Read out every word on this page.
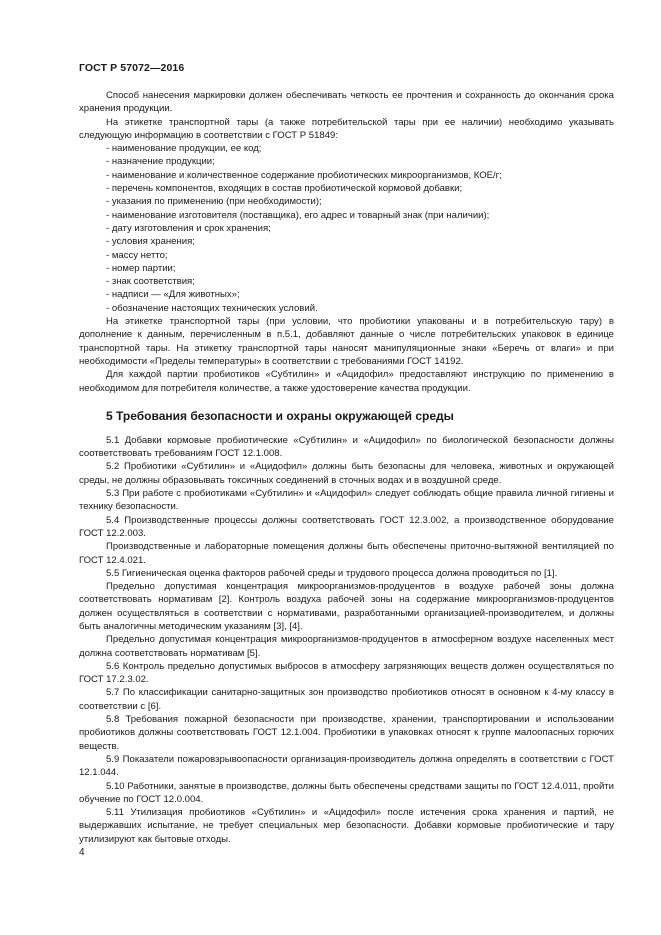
ГОСТ Р 57072—2016

Способ нанесения маркировки должен обеспечивать четкость ее прочтения и сохранность до окончания срока хранения продукции.

На этикетке транспортной тары (а также потребительской тары при ее наличии) необходимо указывать следующую информацию в соответствии с ГОСТ Р 51849:

- наименование продукции, ее код;

- назначение продукции;

- наименование и количественное содержание пробиотических микроорганизмов, КОЕ/г;

- перечень компонентов, входящих в состав пробиотической кормовой добавки;

- указания по применению (при необходимости);

- наименование изготовителя (поставщика), его адрес и товарный знак (при наличии);

- дату изготовления и срок хранения;

- условия хранения;

- массу нетто;

- номер партии;

- знак соответствия;

- надписи — «Для животных»;

- обозначение настоящих технических условий.

На этикетке транспортной тары (при условии, что пробиотики упакованы и в потребительскую тару) в дополнение к данным, перечисленным в п.5.1, добавляют данные о числе потребительских упаковок в единице транспортной тары. На этикетку транспортной тары наносят манипуляционные знаки «Беречь от влаги» и при необходимости «Пределы температуры» в соответствии с требованиями ГОСТ 14192.

Для каждой партии пробиотиков «Субтилин» и «Ацидофил» предоставляют инструкцию по применению в необходимом для потребителя количестве, а также удостоверение качества продукции.

5 Требования безопасности и охраны окружающей среды

5.1 Добавки кормовые пробиотические «Субтилин» и «Ацидофил» по биологической безопасности должны соответствовать требованиям ГОСТ 12.1.008.

5.2 Пробиотики «Субтилин» и «Ацидофил» должны быть безопасны для человека, животных и окружающей среды, не должны образовывать токсичных соединений в сточных водах и в воздушной среде.

5.3 При работе с пробиотиками «Субтилин» и «Ацидофил» следует соблюдать общие правила личной гигиены и технику безопасности.

5.4 Производственные процессы должны соответствовать ГОСТ 12.3.002, а производственное оборудование ГОСТ 12.2.003.

Производственные и лабораторные помещения должны быть обеспечены приточно-вытяжной вентиляцией по ГОСТ 12.4.021.

5.5 Гигиеническая оценка факторов рабочей среды и трудового процесса должна проводиться по [1].

Предельно допустимая концентрация микроорганизмов-продуцентов в воздухе рабочей зоны должна соответствовать нормативам [2]. Контроль воздуха рабочей зоны на содержание микроорганизмов-продуцентов должен осуществляться в соответствии с нормативами, разработанными организацией-производителем, и должны быть аналогичны методическим указаниям [3], [4].

Предельно допустимая концентрация микроорганизмов-продуцентов в атмосферном воздухе населенных мест должна соответствовать нормативам [5].

5.6 Контроль предельно допустимых выбросов в атмосферу загрязняющих веществ должен осуществляться по ГОСТ 17.2.3.02.

5.7 По классификации санитарно-защитных зон производство пробиотиков относят в основном к 4-му классу в соответствии с [6].

5.8 Требования пожарной безопасности при производстве, хранении, транспортировании и использовании пробиотиков должны соответствовать ГОСТ 12.1.004. Пробиотики в упаковках относят к группе малоопасных горючих веществ.

5.9 Показатели пожаровзрывоопасности организация-производитель должна определять в соответствии с ГОСТ 12.1.044.

5.10 Работники, занятые в производстве, должны быть обеспечены средствами защиты по ГОСТ 12.4.011, пройти обучение по ГОСТ 12.0.004.

5.11 Утилизация пробиотиков «Субтилин» и «Ацидофил» после истечения срока хранения и партий, не выдержавших испытание, не требует специальных мер безопасности. Добавки кормовые пробиотические и тару утилизируют как бытовые отходы.

4
